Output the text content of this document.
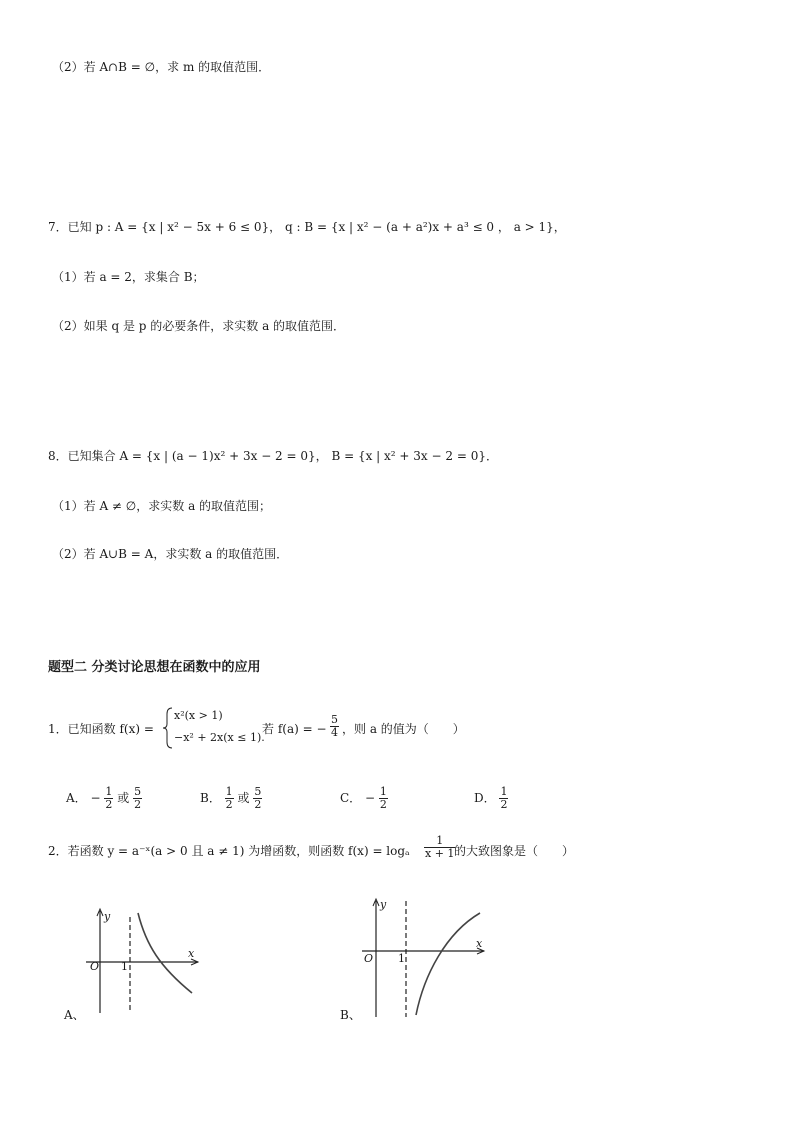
（2）若 A∩B = ∅，求 m 的取值范围．
7．已知 p : A = {x | x² − 5x + 6 ≤ 0}， q : B = {x | x² − (a + a²)x + a³ ≤ 0 ， a > 1}，
（1）若 a = 2，求集合 B；
（2）如果 q 是 p 的必要条件，求实数 a 的取值范围．
8．已知集合 A = {x | (a − 1)x² + 3x − 2 = 0}， B = {x | x² + 3x − 2 = 0}．
（1）若 A ≠ ∅，求实数 a 的取值范围；
（2）若 A∪B = A，求实数 a 的取值范围．
题型二 分类讨论思想在函数中的应用
1．已知函数 f(x) =
x²(x > 1)
−x² + 2x(x ≤ 1).
若 f(a) = − $\frac{5}{4}$ ，则 a 的值为（　　）
A． − $\frac{1}{2}$ 或 $\frac{5}{2}$	B． $\frac{1}{2}$ 或 $\frac{5}{2}$	C． − $\frac{1}{2}$	D． $\frac{1}{2}$
2．若函数 y = a⁻ˣ(a > 0 且 a ≠ 1) 为增函数，则函数 f(x) = logₐ $\frac{1}{x + 1}$
的大致图象是（　　）
y
x
O 1
A、
y
x
O 1
B、
